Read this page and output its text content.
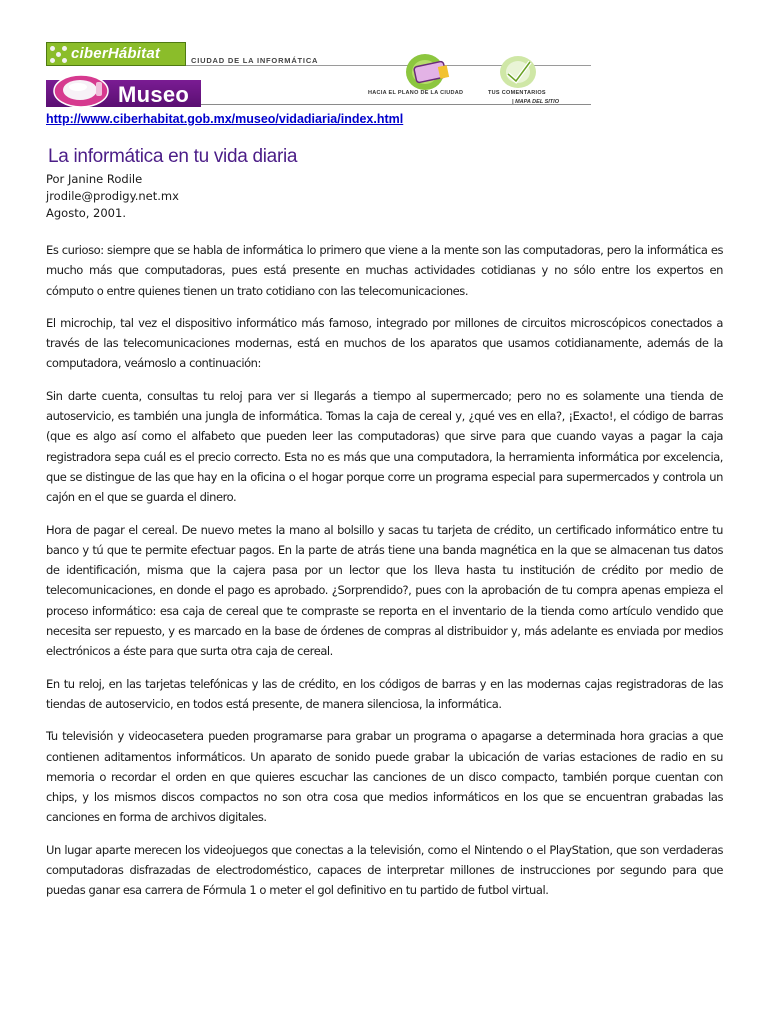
ciberHábitat	CIUDAD DE LA INFORMÁTICA
Museo	HACIA EL PLANO DE LA CIUDAD	TUS COMENTARIOS
| MAPA DEL SITIO
http://www.ciberhabitat.gob.mx/museo/vidadiaria/index.html
La informática en tu vida diaria
Por Janine Rodile
jrodile@prodigy.net.mx
Agosto, 2001.

Es curioso: siempre que se habla de informática lo primero que viene a la mente son las computadoras, pero la informática es mucho más que computadoras, pues está presente en muchas actividades cotidianas y no sólo entre los expertos en cómputo o entre quienes tienen un trato cotidiano con las telecomunicaciones.

El microchip, tal vez el dispositivo informático más famoso, integrado por millones de circuitos microscópicos conectados a través de las telecomunicaciones modernas, está en muchos de los aparatos que usamos cotidianamente, además de la computadora, veámoslo a continuación:

Sin darte cuenta, consultas tu reloj para ver si llegarás a tiempo al supermercado; pero no es solamente una tienda de autoservicio, es también una jungla de informática. Tomas la caja de cereal y, ¿qué ves en ella?, ¡Exacto!, el código de barras (que es algo así como el alfabeto que pueden leer las computadoras) que sirve para que cuando vayas a pagar la caja registradora sepa cuál es el precio correcto. Esta no es más que una computadora, la herramienta informática por excelencia, que se distingue de las que hay en la oficina o el hogar porque corre un programa especial para supermercados y controla un cajón en el que se guarda el dinero.

Hora de pagar el cereal. De nuevo metes la mano al bolsillo y sacas tu tarjeta de crédito, un certificado informático entre tu banco y tú que te permite efectuar pagos. En la parte de atrás tiene una banda magnética en la que se almacenan tus datos de identificación, misma que la cajera pasa por un lector que los lleva hasta tu institución de crédito por medio de telecomunicaciones, en donde el pago es aprobado. ¿Sorprendido?, pues con la aprobación de tu compra apenas empieza el proceso informático: esa caja de cereal que te compraste se reporta en el inventario de la tienda como artículo vendido que necesita ser repuesto, y es marcado en la base de órdenes de compras al distribuidor y, más adelante es enviada por medios electrónicos a éste para que surta otra caja de cereal.

En tu reloj, en las tarjetas telefónicas y las de crédito, en los códigos de barras y en las modernas cajas registradoras de las tiendas de autoservicio, en todos está presente, de manera silenciosa, la informática.

Tu televisión y videocasetera pueden programarse para grabar un programa o apagarse a determinada hora gracias a que contienen aditamentos informáticos. Un aparato de sonido puede grabar la ubicación de varias estaciones de radio en su memoria o recordar el orden en que quieres escuchar las canciones de un disco compacto, también porque cuentan con chips, y los mismos discos compactos no son otra cosa que medios informáticos en los que se encuentran grabadas las canciones en forma de archivos digitales.

Un lugar aparte merecen los videojuegos que conectas a la televisión, como el Nintendo o el PlayStation, que son verdaderas computadoras disfrazadas de electrodoméstico, capaces de interpretar millones de instrucciones por segundo para que puedas ganar esa carrera de Fórmula 1 o meter el gol definitivo en tu partido de futbol virtual.
